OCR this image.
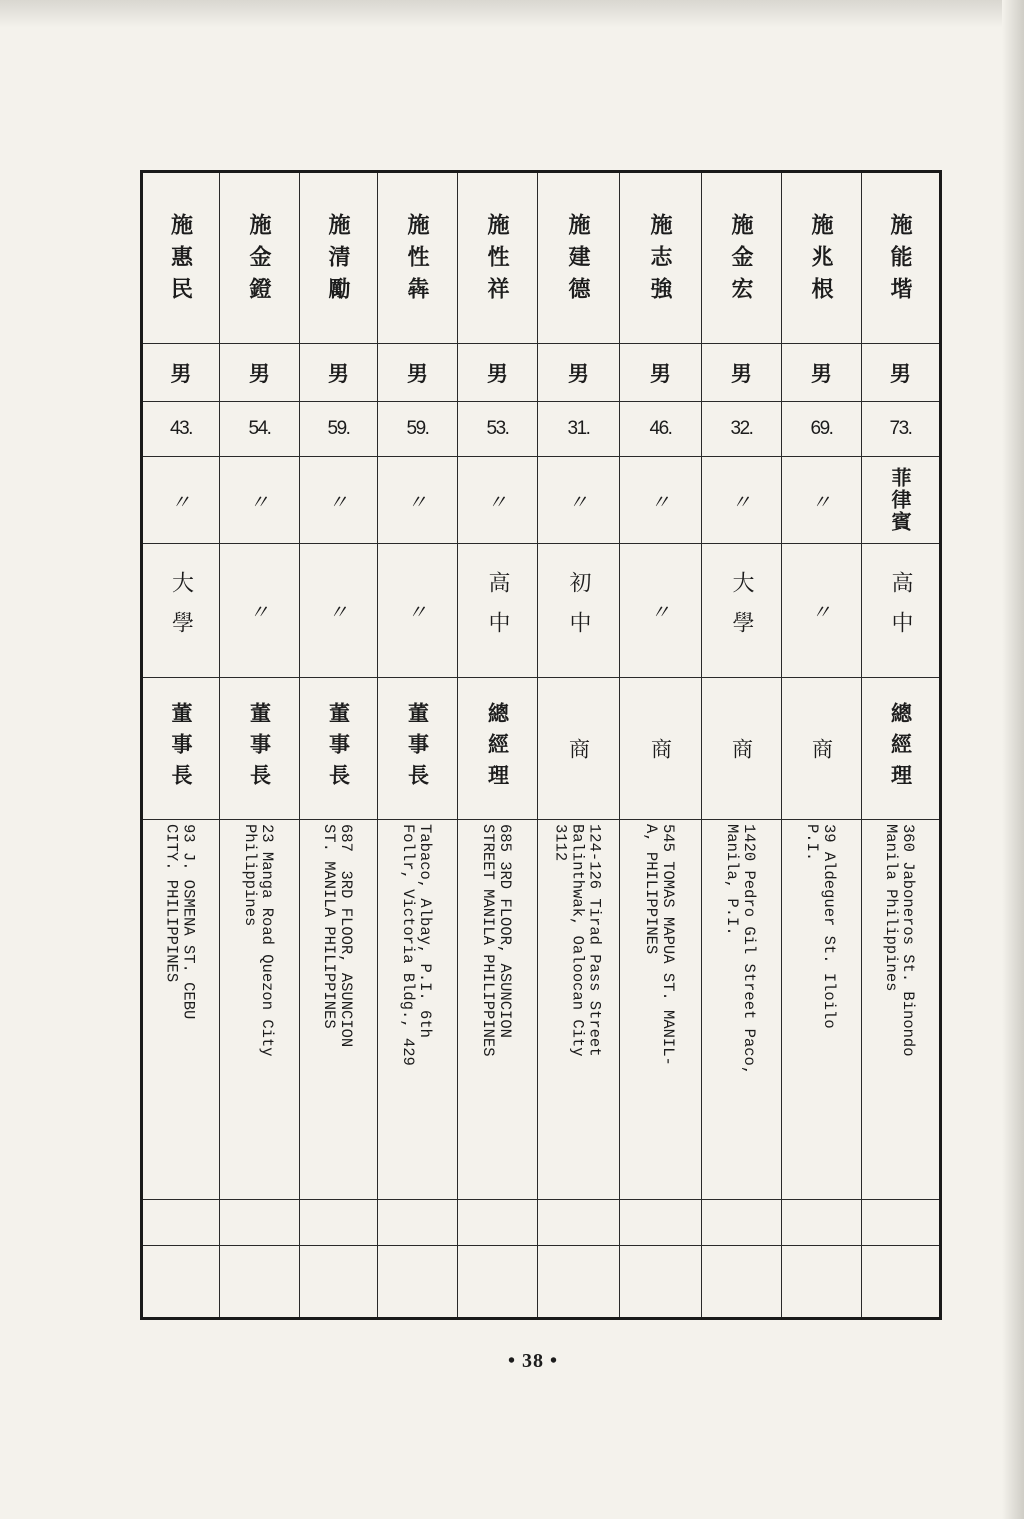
施能堦
男
73.
菲律賓
高中
總經理
360 Jaboneros St. Binondo
Manila Philippines
施兆根
男
69.
〃
〃
商
39 Aldeguer St. Iloilo
P.I.
施金宏
男
32.
〃
大學
商
1420 Pedro Gil Street Paco,
Manila, P.I.
施志強
男
46.
〃
〃
商
545 TOMAS MAPUA ST. MANIL-
A, PHILIPPINES
施建德
男
31.
〃
初中
商
124-126 Tirad Pass Street
Balinthwak, Oaloocan City
3112
施性祥
男
53.
〃
高中
總經理
685 3RD FLOOR, ASUNCION
STREET MANILA PHILIPPINES
施性犇
男
59.
〃
〃
董事長
Tabaco, Albay, P.I. 6th
Follr, Victoria Bldg., 429
施清勵
男
59.
〃
〃
董事長
687  3RD FLOOR, ASUNCION
ST. MANILA PHILIPPINES
施金鐙
男
54.
〃
〃
董事長
23 Manga Road Quezon City
Philippines
施惠民
男
43.
〃
大學
董事長
93 J. OSMENA ST. CEBU
CITY. PHILIPPINES
• 38 •
